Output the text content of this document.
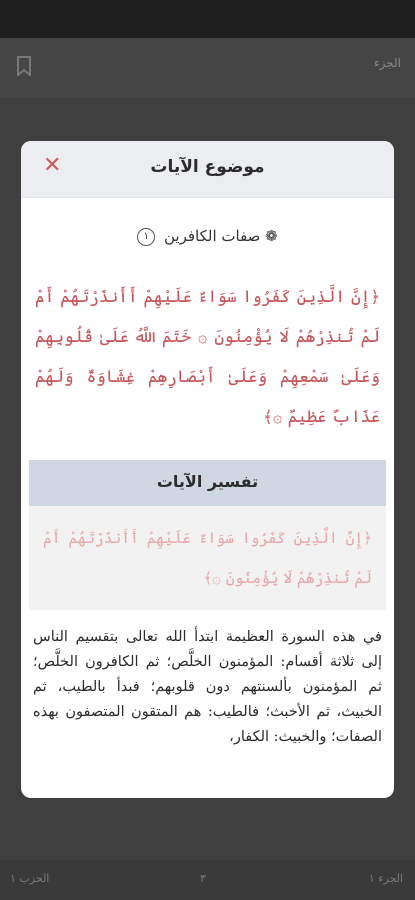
الجزء
الحزب ١	٣	الجزء ١
✕	موضوع الآيات
❁ صفات الكافرين ١
﴿إِنَّ الَّذِينَ كَفَرُوا سَوَاءٌ عَلَيْهِمْ أَأَنذَرْتَهُمْ أَمْ لَمْ تُنذِرْهُمْ لَا يُؤْمِنُونَ ۞ خَتَمَ اللَّهُ عَلَىٰ قُلُوبِهِمْ وَعَلَىٰ سَمْعِهِمْ وَعَلَىٰ أَبْصَارِهِمْ غِشَاوَةٌ وَلَهُمْ عَذَابٌ عَظِيمٌ ۞﴾
تفسير الآيات
﴿إِنَّ الَّذِينَ كَفَرُوا سَوَاءٌ عَلَيْهِمْ أَأَنذَرْتَهُمْ أَمْ لَمْ تُنذِرْهُمْ لَا يُؤْمِنُونَ ۞﴾
في هذه السورة العظيمة ابتدأ الله تعالى بتقسيم الناس إلى ثلاثة أقسام: المؤمنون الخلَّص؛ ثم الكافرون الخلَّص؛ ثم المؤمنون بألسنتهم دون قلوبهم؛ فبدأ بالطيب، ثم الخبيث، ثم الأخبث؛ فالطيب: هم المتقون المتصفون بهذه الصفات؛ والخبيث: الكفار،
